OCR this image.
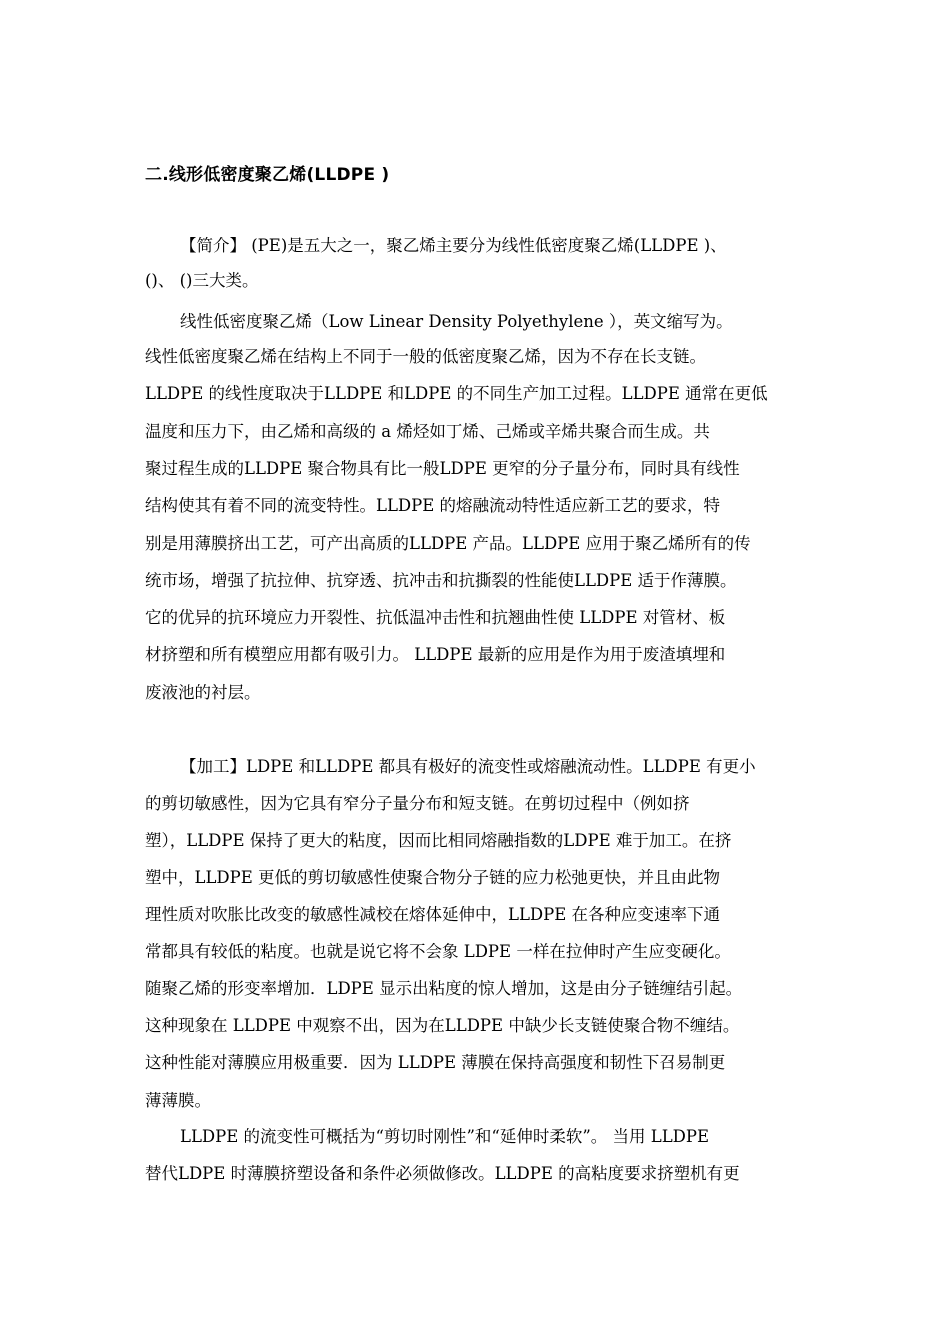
二.线形低密度聚乙烯(LLDPE )
【简介】 (PE)是五大之一，聚乙烯主要分为线性低密度聚乙烯(LLDPE )、
()、 ()三大类。
线性低密度聚乙烯（Low Linear Density Polyethylene ），英文缩写为。
线性低密度聚乙烯在结构上不同于一般的低密度聚乙烯，因为不存在长支链。
LLDPE 的线性度取决于LLDPE 和LDPE 的不同生产加工过程。LLDPE 通常在更低
温度和压力下，由乙烯和高级的 a 烯烃如丁烯、己烯或辛烯共聚合而生成。共
聚过程生成的LLDPE 聚合物具有比一般LDPE 更窄的分子量分布，同时具有线性
结构使其有着不同的流变特性。LLDPE 的熔融流动特性适应新工艺的要求，特
别是用薄膜挤出工艺，可产出高质的LLDPE 产品。LLDPE 应用于聚乙烯所有的传
统市场，增强了抗拉伸、抗穿透、抗冲击和抗撕裂的性能使LLDPE 适于作薄膜。
它的优异的抗环境应力开裂性、抗低温冲击性和抗翘曲性使 LLDPE 对管材、板
材挤塑和所有模塑应用都有吸引力。 LLDPE 最新的应用是作为用于废渣填埋和
废液池的衬层。
【加工】LDPE 和LLDPE 都具有极好的流变性或熔融流动性。LLDPE 有更小
的剪切敏感性，因为它具有窄分子量分布和短支链。在剪切过程中（例如挤
塑），LLDPE 保持了更大的粘度，因而比相同熔融指数的LDPE 难于加工。在挤
塑中，LLDPE 更低的剪切敏感性使聚合物分子链的应力松弛更快，并且由此物
理性质对吹胀比改变的敏感性减校在熔体延伸中，LLDPE 在各种应变速率下通
常都具有较低的粘度。也就是说它将不会象 LDPE 一样在拉伸时产生应变硬化。
随聚乙烯的形变率增加．LDPE 显示出粘度的惊人增加，这是由分子链缠结引起。
这种现象在 LLDPE 中观察不出，因为在LLDPE 中缺少长支链使聚合物不缠结。
这种性能对薄膜应用极重要．因为 LLDPE 薄膜在保持高强度和韧性下召易制更
薄薄膜。
LLDPE 的流变性可概括为“剪切时刚性”和“延伸时柔软”。 当用 LLDPE
替代LDPE 时薄膜挤塑设备和条件必须做修改。LLDPE 的高粘度要求挤塑机有更
